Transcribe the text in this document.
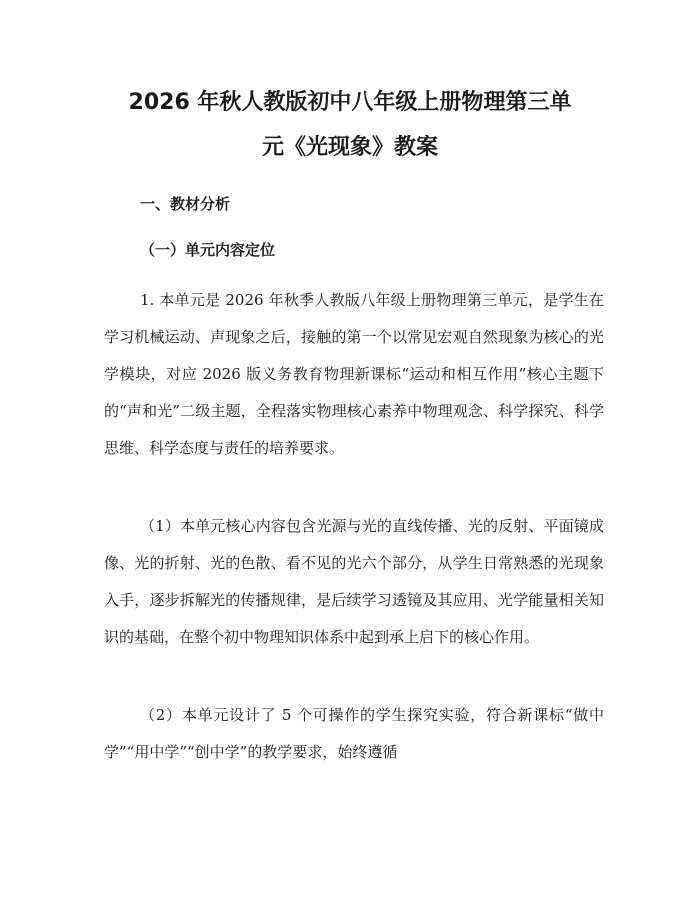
2026 年秋人教版初中八年级上册物理第三单
元《光现象》教案
一、教材分析
（一）单元内容定位

1. 本单元是 2026 年秋季人教版八年级上册物理第三单元，是学生在学习机械运动、声现象之后，接触的第一个以常见宏观自然现象为核心的光学模块，对应 2026 版义务教育物理新课标“运动和相互作用”核心主题下的“声和光”二级主题，全程落实物理核心素养中物理观念、科学探究、科学思维、科学态度与责任的培养要求。

（1）本单元核心内容包含光源与光的直线传播、光的反射、平面镜成像、光的折射、光的色散、看不见的光六个部分，从学生日常熟悉的光现象入手，逐步拆解光的传播规律，是后续学习透镜及其应用、光学能量相关知识的基础，在整个初中物理知识体系中起到承上启下的核心作用。

（2）本单元设计了 5 个可操作的学生探究实验，符合新课标“做中学”“用中学”“创中学”的教学要求，始终遵循
